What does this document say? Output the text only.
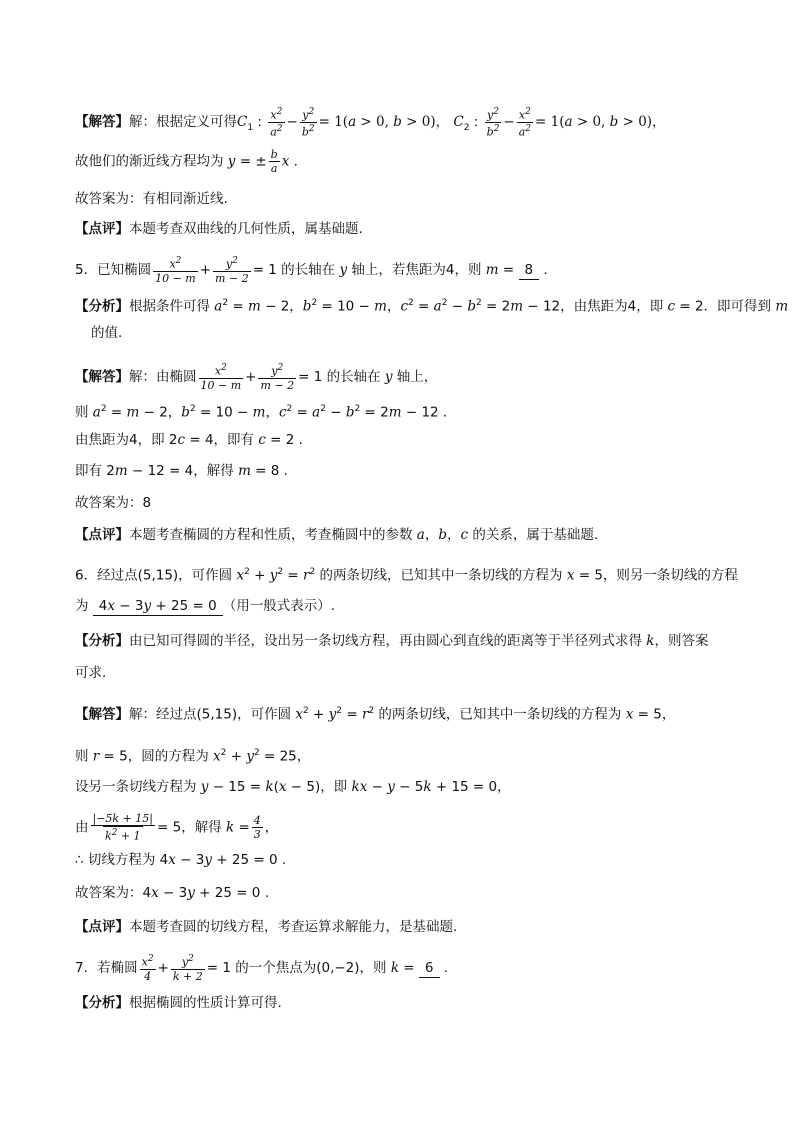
【解答】解：根据定义可得$C_1$ : $\frac{x^2}{a^2} - \frac{y^2}{b^2} = 1(a > 0$, b > 0)， $C_2$ : $\frac{y^2}{b^2} - \frac{x^2}{a^2} = 1(a > 0$, b > 0)，
故他们的渐近线方程均为 y = ± $\frac{b}{a}$ x .
故答案为：有相同渐近线.
【点评】本题考查双曲线的几何性质，属基础题.
5．已知椭圆 $\frac{x^2}{10 - m} + \frac{y^2}{m - 2} = 1$ 的长轴在 y 轴上，若焦距为4，则 m = 8 .
【分析】根据条件可得 $a^2 = m - 2$，$b^2 = 10 - m$，$c^2 = a^2 - b^2 = 2m - 12$，由焦距为4，即 c = 2．即可得到 m
的值.
【解答】解：由椭圆 $\frac{x^2}{10 - m} + \frac{y^2}{m - 2} = 1$ 的长轴在 y 轴上，
则 $a^2 = m - 2$，$b^2 = 10 - m$，$c^2 = a^2 - b^2 = 2m - 12$ .
由焦距为4，即 2c = 4，即有 c = 2 .
即有 2m − 12 = 4，解得 m = 8 .
故答案为：8
【点评】本题考查椭圆的方程和性质，考查椭圆中的参数 a，b，c 的关系，属于基础题.
6．经过点(5,15)，可作圆 $x^2 + y^2 = r^2$ 的两条切线，已知其中一条切线的方程为 x = 5，则另一条切线的方程
为 4x − 3y + 25 = 0 （用一般式表示）.
【分析】由已知可得圆的半径，设出另一条切线方程，再由圆心到直线的距离等于半径列式求得 k，则答案
可求.
【解答】解：经过点(5,15)，可作圆 $x^2 + y^2 = r^2$ 的两条切线，已知其中一条切线的方程为 x = 5，
则 r = 5，圆的方程为 $x^2 + y^2 = 25$，
设另一条切线方程为 y − 15 = k(x − 5)，即 kx − y − 5k + 15 = 0，
由 $\frac{|-5k + 15|}{k^2 + 1} = 5$，解得 $k = \frac{4}{3}$ ，
∴ 切线方程为 4x − 3y + 25 = 0 .
故答案为：4x − 3y + 25 = 0 .
【点评】本题考查圆的切线方程，考查运算求解能力，是基础题.
7．若椭圆 $\frac{x^2}{4} + \frac{y^2}{k + 2} = 1$ 的一个焦点为(0,−2)，则 k = 6 .
【分析】根据椭圆的性质计算可得.
